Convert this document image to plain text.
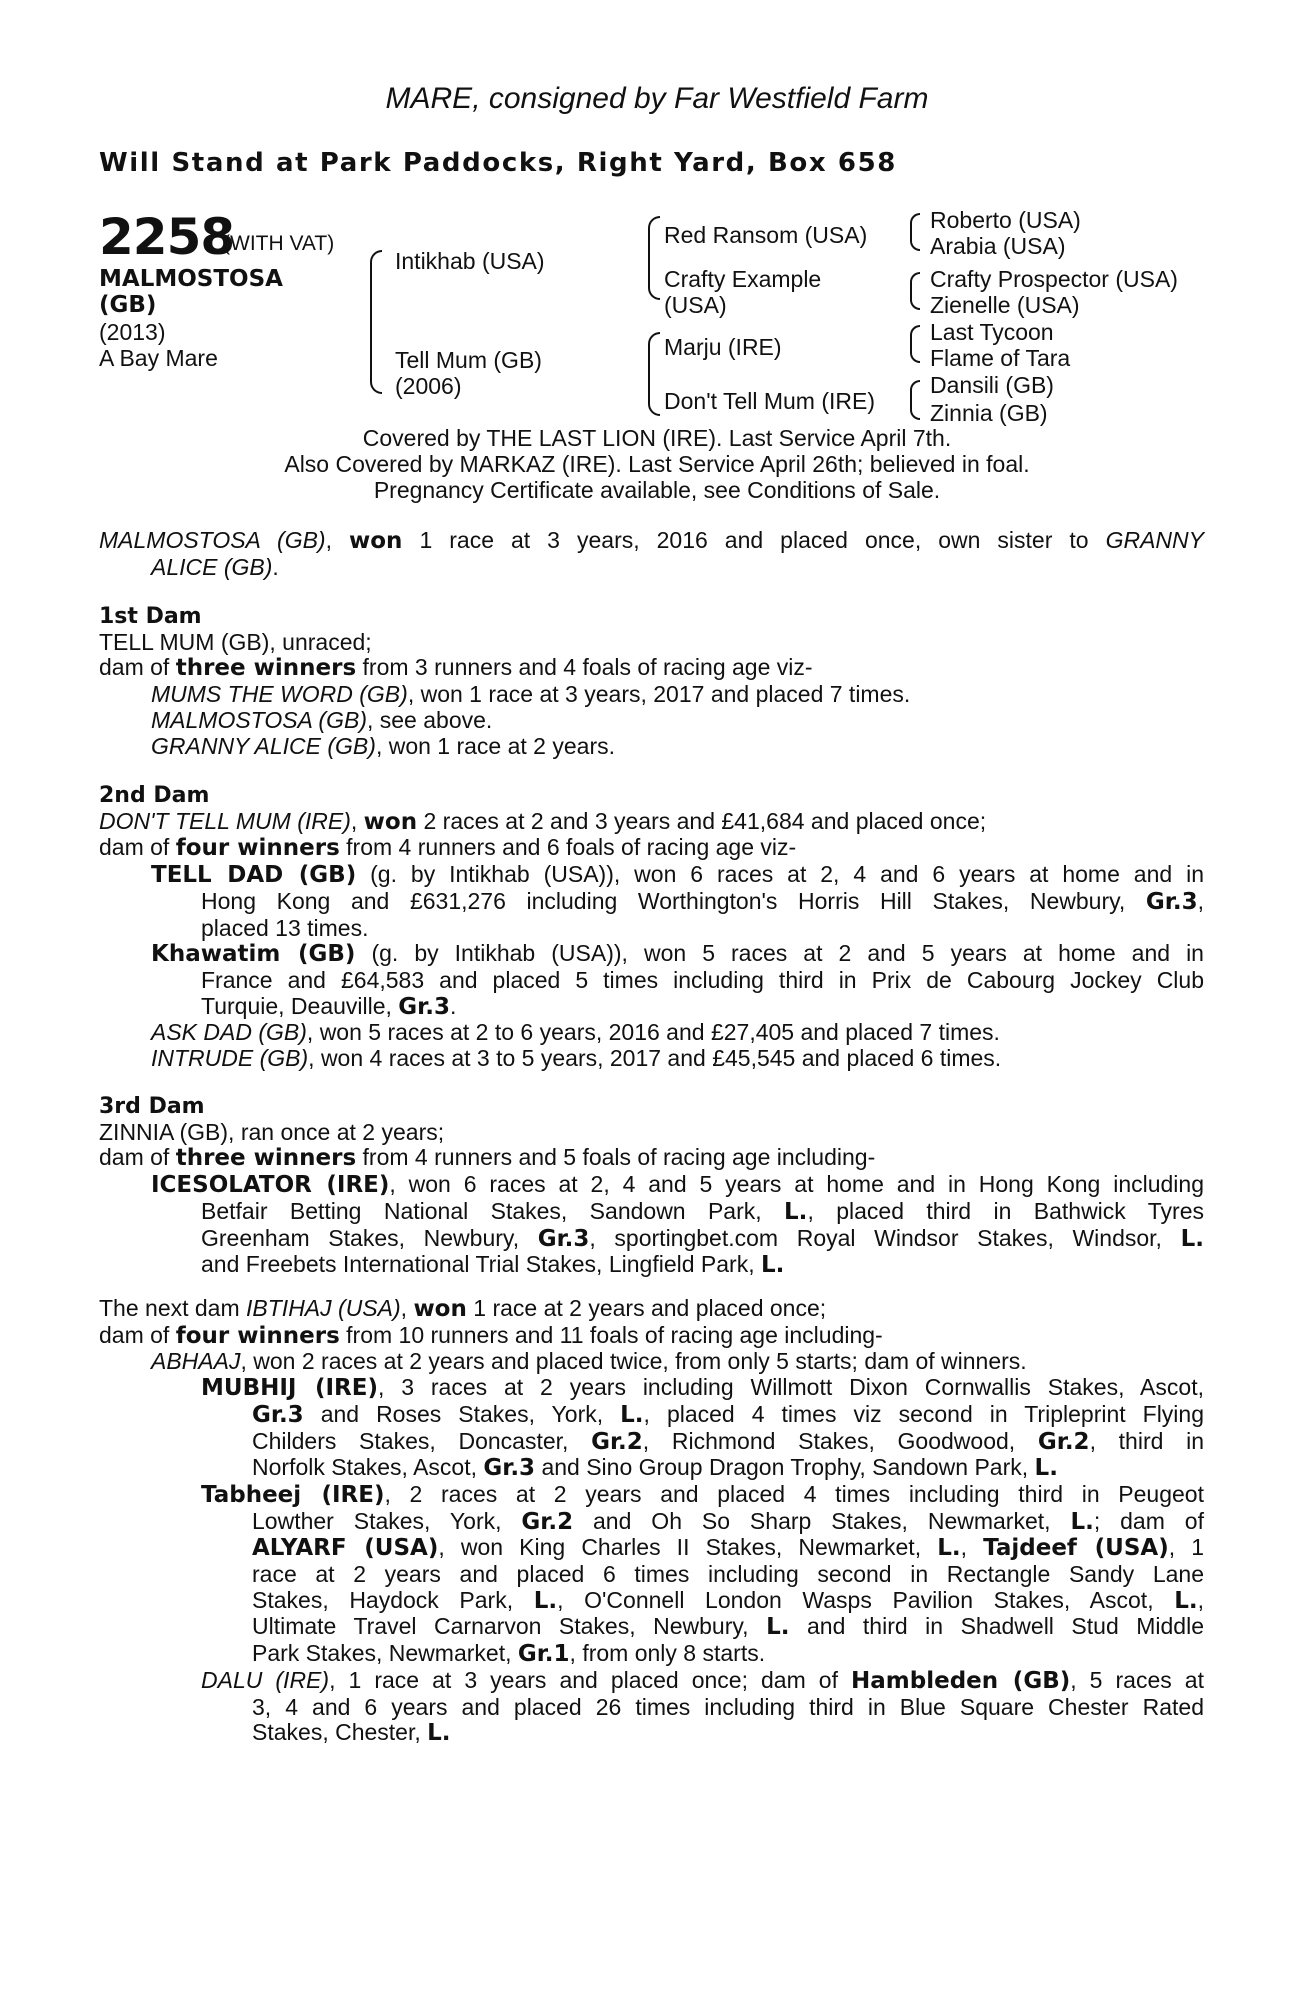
MARE, consigned by Far Westfield Farm
Will Stand at Park Paddocks, Right Yard, Box 658
2258
(WITH VAT)
MALMOSTOSA
(GB)
(2013)
A Bay Mare
Intikhab (USA)
Tell Mum (GB)
(2006)
Red Ransom (USA)
Crafty Example
(USA)
Marju (IRE)
Don't Tell Mum (IRE)
Roberto (USA)
Arabia (USA)
Crafty Prospector (USA)
Zienelle (USA)
Last Tycoon
Flame of Tara
Dansili (GB)
Zinnia (GB)
Covered by THE LAST LION (IRE). Last Service April 7th.
Also Covered by MARKAZ (IRE). Last Service April 26th; believed in foal.
Pregnancy Certificate available, see Conditions of Sale.
MALMOSTOSA (GB), won 1 race at 3 years, 2016 and placed once, own sister to GRANNY
ALICE (GB).
1st Dam
TELL MUM (GB), unraced;
dam of three winners from 3 runners and 4 foals of racing age viz-
MUMS THE WORD (GB), won 1 race at 3 years, 2017 and placed 7 times.
MALMOSTOSA (GB), see above.
GRANNY ALICE (GB), won 1 race at 2 years.
2nd Dam
DON'T TELL MUM (IRE), won 2 races at 2 and 3 years and £41,684 and placed once;
dam of four winners from 4 runners and 6 foals of racing age viz-
TELL DAD (GB) (g. by Intikhab (USA)), won 6 races at 2, 4 and 6 years at home and in
Hong Kong and £631,276 including Worthington's Horris Hill Stakes, Newbury, Gr.3,
placed 13 times.
Khawatim (GB) (g. by Intikhab (USA)), won 5 races at 2 and 5 years at home and in
France and £64,583 and placed 5 times including third in Prix de Cabourg Jockey Club
Turquie, Deauville, Gr.3.
ASK DAD (GB), won 5 races at 2 to 6 years, 2016 and £27,405 and placed 7 times.
INTRUDE (GB), won 4 races at 3 to 5 years, 2017 and £45,545 and placed 6 times.
3rd Dam
ZINNIA (GB), ran once at 2 years;
dam of three winners from 4 runners and 5 foals of racing age including-
ICESOLATOR (IRE), won 6 races at 2, 4 and 5 years at home and in Hong Kong including
Betfair Betting National Stakes, Sandown Park, L., placed third in Bathwick Tyres
Greenham Stakes, Newbury, Gr.3, sportingbet.com Royal Windsor Stakes, Windsor, L.
and Freebets International Trial Stakes, Lingfield Park, L.
The next dam IBTIHAJ (USA), won 1 race at 2 years and placed once;
dam of four winners from 10 runners and 11 foals of racing age including-
ABHAAJ, won 2 races at 2 years and placed twice, from only 5 starts; dam of winners.
MUBHIJ (IRE), 3 races at 2 years including Willmott Dixon Cornwallis Stakes, Ascot,
Gr.3 and Roses Stakes, York, L., placed 4 times viz second in Tripleprint Flying
Childers Stakes, Doncaster, Gr.2, Richmond Stakes, Goodwood, Gr.2, third in
Norfolk Stakes, Ascot, Gr.3 and Sino Group Dragon Trophy, Sandown Park, L.
Tabheej (IRE), 2 races at 2 years and placed 4 times including third in Peugeot
Lowther Stakes, York, Gr.2 and Oh So Sharp Stakes, Newmarket, L.; dam of
ALYARF (USA), won King Charles II Stakes, Newmarket, L., Tajdeef (USA), 1
race at 2 years and placed 6 times including second in Rectangle Sandy Lane
Stakes, Haydock Park, L., O'Connell London Wasps Pavilion Stakes, Ascot, L.,
Ultimate Travel Carnarvon Stakes, Newbury, L. and third in Shadwell Stud Middle
Park Stakes, Newmarket, Gr.1, from only 8 starts.
DALU (IRE), 1 race at 3 years and placed once; dam of Hambleden (GB), 5 races at
3, 4 and 6 years and placed 26 times including third in Blue Square Chester Rated
Stakes, Chester, L.
